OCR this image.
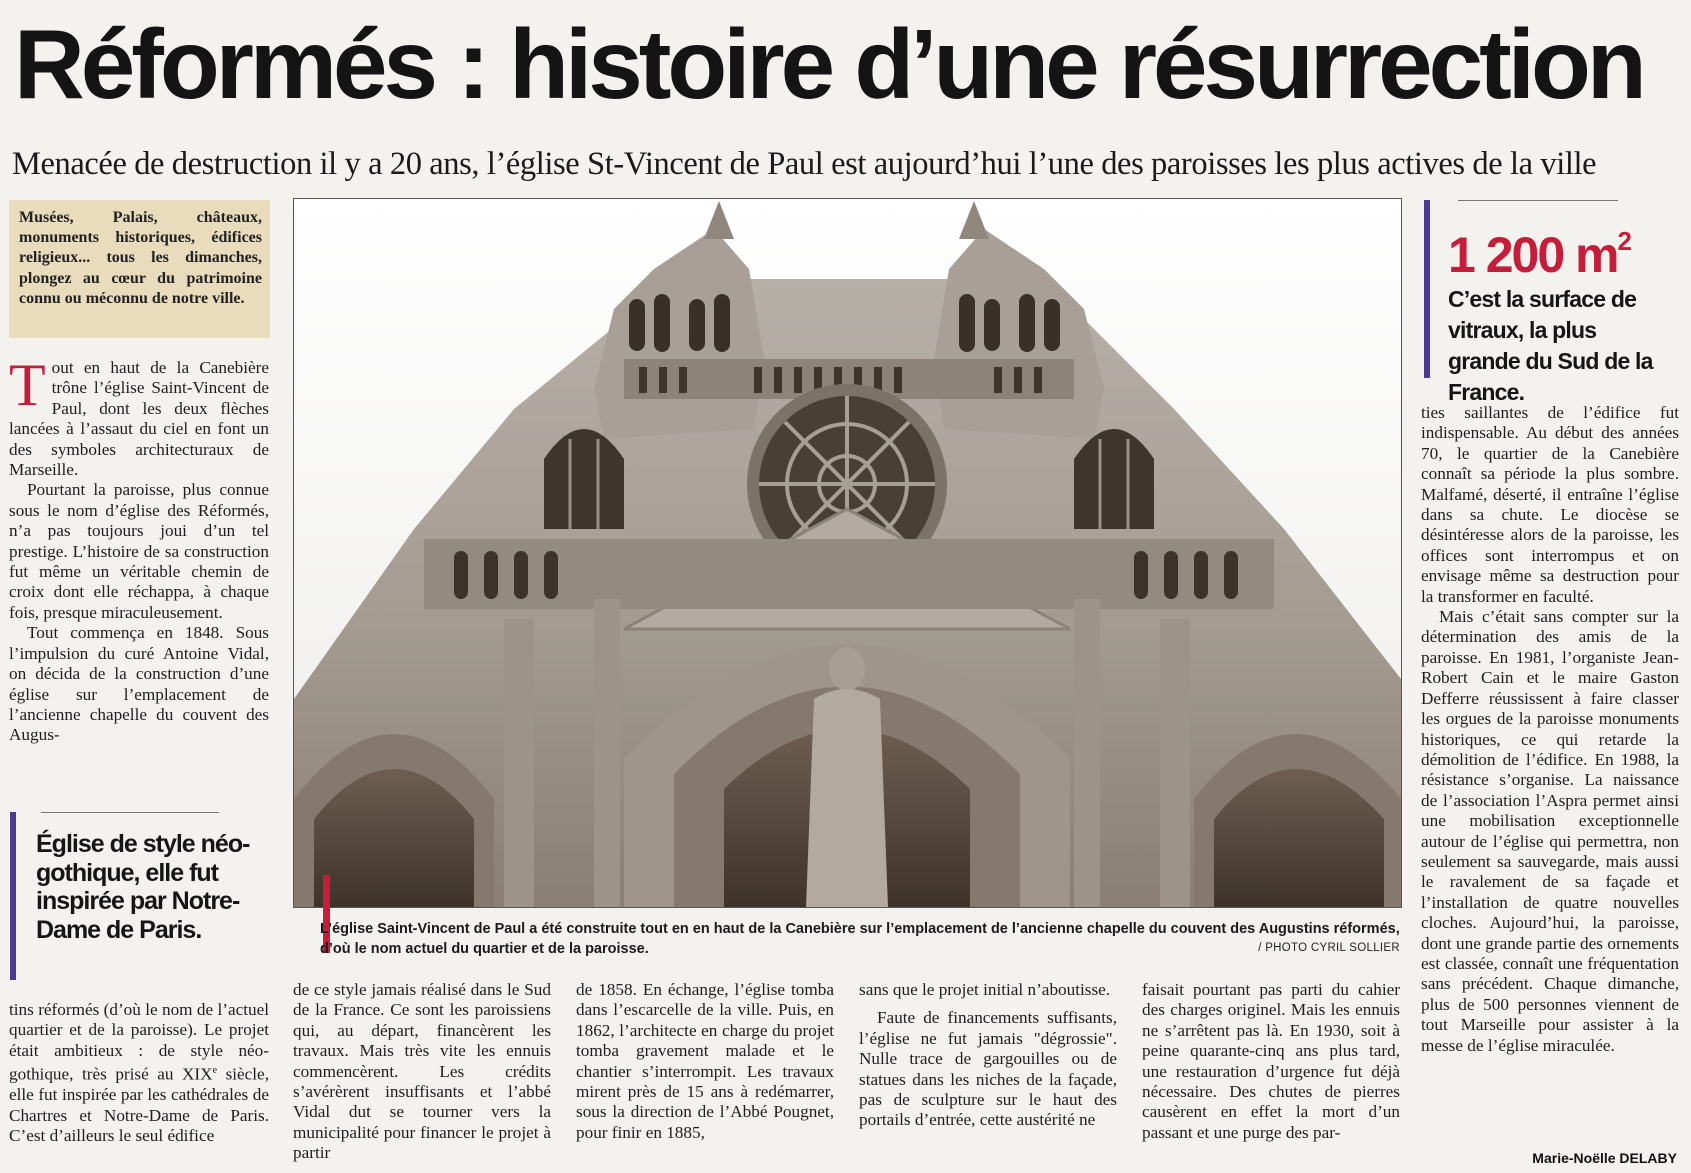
Réformés : histoire d’une résurrection
Menacée de destruction il y a 20 ans, l’église St-Vincent de Paul est aujourd’hui l’une des paroisses les plus actives de la ville
Musées, Palais, châteaux, monuments historiques, édifices religieux... tous les dimanches, plongez au cœur du patrimoine connu ou méconnu de notre ville.

Tout en haut de la Canebière trône l’église Saint-Vincent de Paul, dont les deux flèches lancées à l’assaut du ciel en font un des symboles architecturaux de Marseille.

Pourtant la paroisse, plus connue sous le nom d’église des Réformés, n’a pas toujours joui d’un tel prestige. L’histoire de sa construction fut même un véritable chemin de croix dont elle réchappa, à chaque fois, presque miraculeusement.

Tout commença en 1848. Sous l’impulsion du curé Antoine Vidal, on décida de la construction d’une église sur l’emplacement de l’ancienne chapelle du couvent des Augus-

Église de style néo-gothique, elle fut inspirée par Notre-Dame de Paris.

tins réformés (d’où le nom de l’actuel quartier et de la paroisse). Le projet était ambitieux : de style néo-gothique, très prisé au XIXe siècle, elle fut inspirée par les cathédrales de Chartres et Notre-Dame de Paris. C’est d’ailleurs le seul édifice

L’église Saint-Vincent de Paul a été construite tout en en haut de la Canebière sur l’emplacement de l’ancienne chapelle du couvent des Augustins réformés, d’où le nom actuel du quartier et de la paroisse.	/ PHOTO CYRIL SOLLIER

de ce style jamais réalisé dans le Sud de la France. Ce sont les paroissiens qui, au départ, financèrent les travaux. Mais très vite les ennuis commencèrent. Les crédits s’avérèrent insuffisants et l’abbé Vidal dut se tourner vers la municipalité pour financer le projet à partir

de 1858. En échange, l’église tomba dans l’escarcelle de la ville. Puis, en 1862, l’architecte en charge du projet tomba gravement malade et le chantier s’interrompit. Les travaux mirent près de 15 ans à redémarrer, sous la direction de l’Abbé Pougnet, pour finir en 1885,

sans que le projet initial n’aboutisse.

Faute de financements suffisants, l’église ne fut jamais "dégrossie". Nulle trace de gargouilles ou de statues dans les niches de la façade, pas de sculpture sur le haut des portails d’entrée, cette austérité ne

faisait pourtant pas parti du cahier des charges originel. Mais les ennuis ne s’arrêtent pas là. En 1930, soit à peine quarante-cinq ans plus tard, une restauration d’urgence fut déjà nécessaire. Des chutes de pierres causèrent en effet la mort d’un passant et une purge des par-

1 200 $m^2$
C’est la surface de vitraux, la plus grande du Sud de la France.

ties saillantes de l’édifice fut indispensable. Au début des années 70, le quartier de la Canebière connaît sa période la plus sombre. Malfamé, déserté, il entraîne l’église dans sa chute. Le diocèse se désintéresse alors de la paroisse, les offices sont interrompus et on envisage même sa destruction pour la transformer en faculté.

Mais c’était sans compter sur la détermination des amis de la paroisse. En 1981, l’organiste Jean-Robert Cain et le maire Gaston Defferre réussissent à faire classer les orgues de la paroisse monuments historiques, ce qui retarde la démolition de l’édifice. En 1988, la résistance s’organise. La naissance de l’association l’Aspra permet ainsi une mobilisation exceptionnelle autour de l’église qui permettra, non seulement sa sauvegarde, mais aussi le ravalement de sa façade et l’installation de quatre nouvelles cloches. Aujourd’hui, la paroisse, dont une grande partie des ornements est classée, connaît une fréquentation sans précédent. Chaque dimanche, plus de 500 personnes viennent de tout Marseille pour assister à la messe de l’église miraculée.

Marie-Noëlle DELABY
